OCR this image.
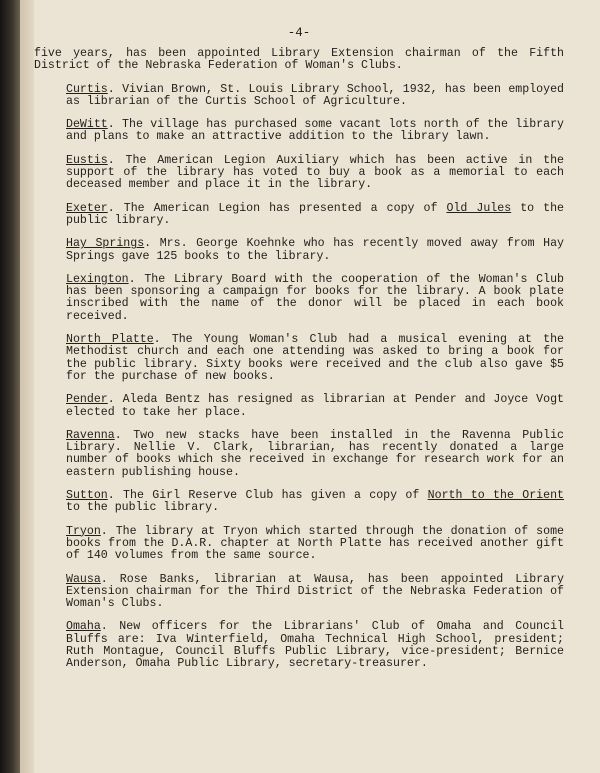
-4-

five years, has been appointed Library Extension chairman of the Fifth District of the Nebraska Federation of Woman's Clubs.

Curtis. Vivian Brown, St. Louis Library School, 1932, has been employed as librarian of the Curtis School of Agriculture.

DeWitt. The village has purchased some vacant lots north of the library and plans to make an attractive addition to the library lawn.

Eustis. The American Legion Auxiliary which has been active in the support of the library has voted to buy a book as a memorial to each deceased member and place it in the library.

Exeter. The American Legion has presented a copy of Old Jules to the public library.

Hay Springs. Mrs. George Koehnke who has recently moved away from Hay Springs gave 125 books to the library.

Lexington. The Library Board with the cooperation of the Woman's Club has been sponsoring a campaign for books for the library. A book plate inscribed with the name of the donor will be placed in each book received.

North Platte. The Young Woman's Club had a musical evening at the Methodist church and each one attending was asked to bring a book for the public library. Sixty books were received and the club also gave $5 for the purchase of new books.

Pender. Aleda Bentz has resigned as librarian at Pender and Joyce Vogt elected to take her place.

Ravenna. Two new stacks have been installed in the Ravenna Public Library. Nellie V. Clark, librarian, has recently donated a large number of books which she received in exchange for research work for an eastern publishing house.

Sutton. The Girl Reserve Club has given a copy of North to the Orient to the public library.

Tryon. The library at Tryon which started through the donation of some books from the D.A.R. chapter at North Platte has received another gift of 140 volumes from the same source.

Wausa. Rose Banks, librarian at Wausa, has been appointed Library Extension chairman for the Third District of the Nebraska Federation of Woman's Clubs.

Omaha. New officers for the Librarians' Club of Omaha and Council Bluffs are: Iva Winterfield, Omaha Technical High School, president; Ruth Montague, Council Bluffs Public Library, vice-president; Bernice Anderson, Omaha Public Library, secretary-treasurer.
